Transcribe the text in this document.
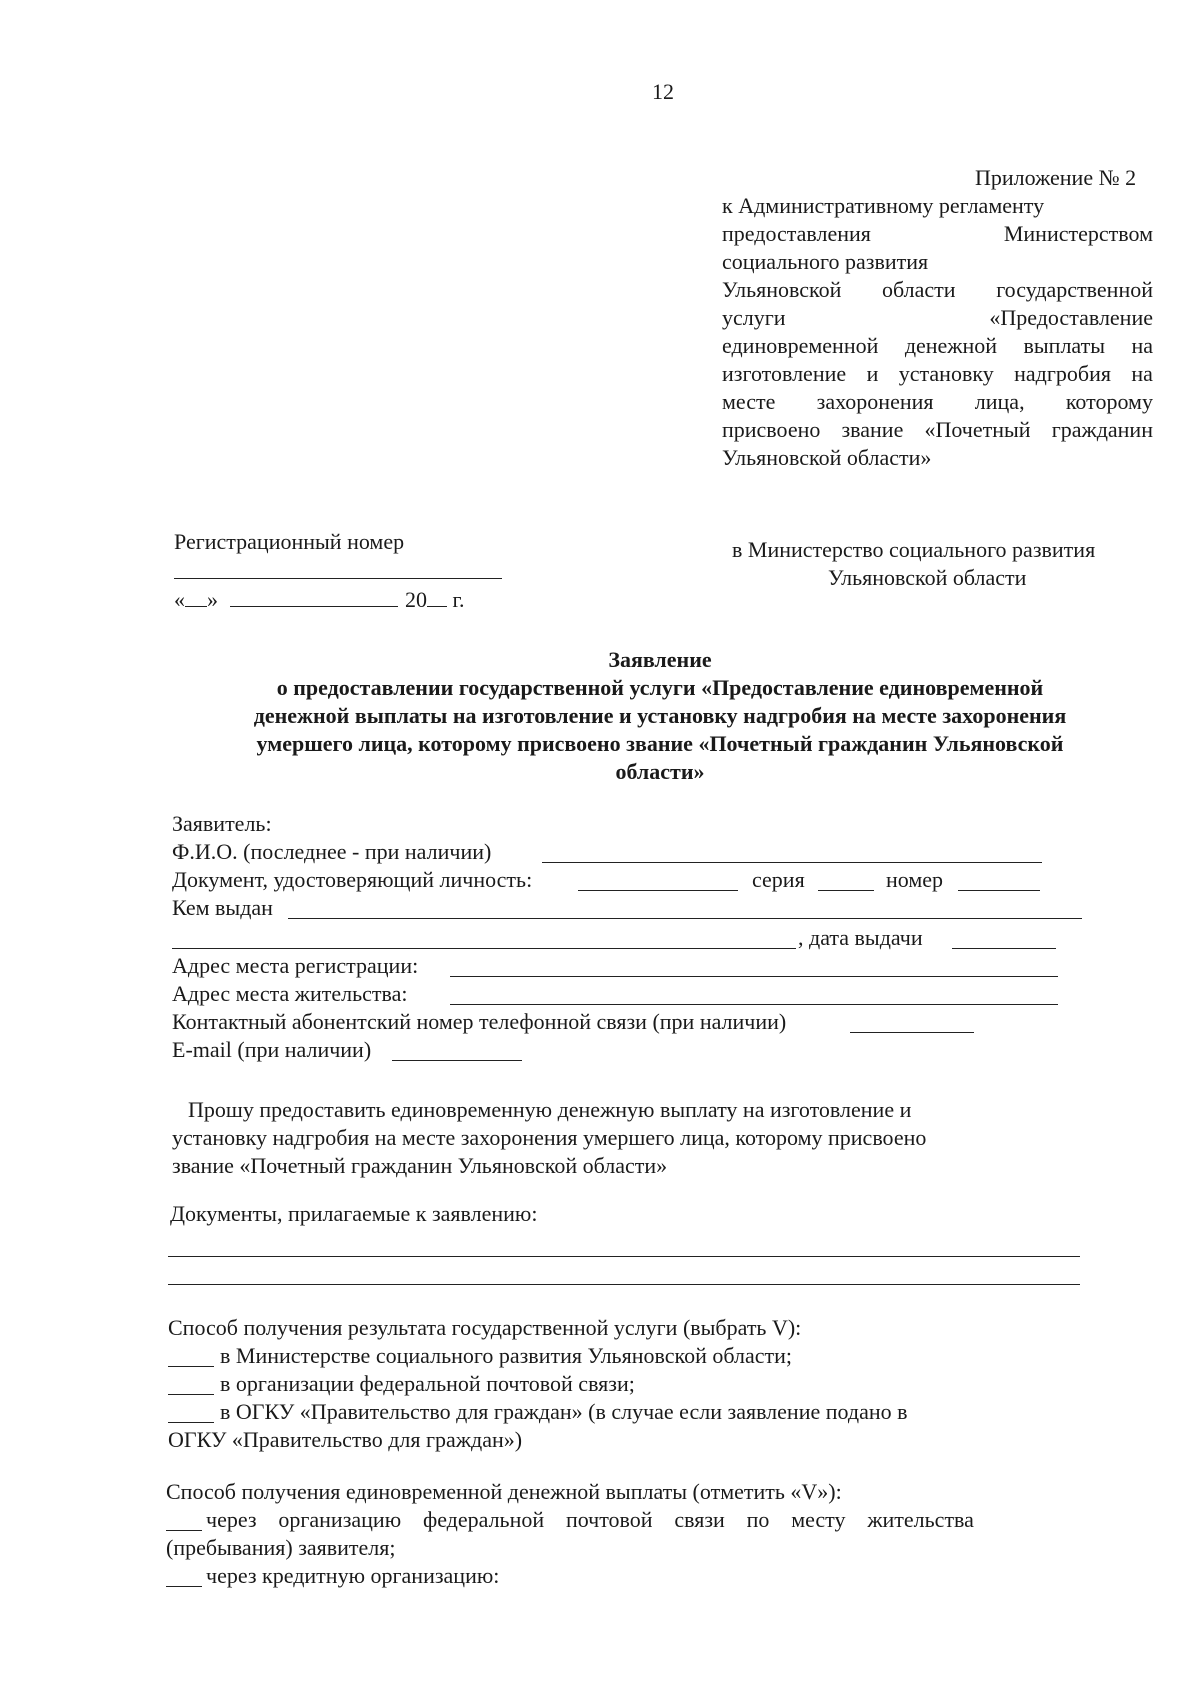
12
Приложение № 2
к Административному регламенту
предоставления	Министерством
социального развития
Ульяновской области государственной
услуги	«Предоставление
единовременной денежной выплаты на
изготовление и установку надгробия на
месте захоронения лица, которому
присвоено звание «Почетный гражданин
Ульяновской области»
Регистрационный номер
« »	20 г.
в Министерство социального развития
Ульяновской области
Заявление
о предоставлении государственной услуги «Предоставление единовременной
денежной выплаты на изготовление и установку надгробия на месте захоронения
умершего лица, которому присвоено звание «Почетный гражданин Ульяновской
области»
Заявитель:
Ф.И.О. (последнее - при наличии)
Документ, удостоверяющий личность:	серия	номер
Кем выдан
, дата выдачи
Адрес места регистрации:
Адрес места жительства:
Контактный абонентский номер телефонной связи (при наличии)
E-mail (при наличии)
Прошу предоставить единовременную денежную выплату на изготовление и
установку надгробия на месте захоронения умершего лица, которому присвоено
звание «Почетный гражданин Ульяновской области»
Документы, прилагаемые к заявлению:
Способ получения результата государственной услуги (выбрать V):
в Министерстве социального развития Ульяновской области;
в организации федеральной почтовой связи;
в ОГКУ «Правительство для граждан» (в случае если заявление подано в
ОГКУ «Правительство для граждан»)
Способ получения единовременной денежной выплаты (отметить «V»):
через организацию федеральной почтовой связи по месту жительства
(пребывания) заявителя;
через кредитную организацию:
